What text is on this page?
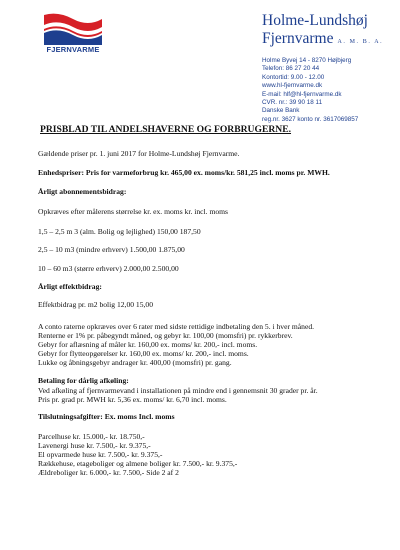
FJERNVARME
Holme-Lundshøj
Fjernvarme A. M. B. A.
Holme Byvej 14 - 8270 Højbjerg
Telefon: 86 27 20 44
Kontortid: 9.00 - 12.00
www.hl-fjernvarme.dk
E-mail: hlf@hl-fjernvarme.dk
CVR. nr.: 39 90 18 11
Danske Bank
reg.nr. 3627 konto nr. 3617069857
PRISBLAD TIL ANDELSHAVERNE OG FORBRUGERNE.
Gældende priser pr. 1. juni 2017 for Holme-Lundshøj Fjernvarme.
Enhedspriser: Pris for varmeforbrug kr. 465,00 ex. moms/kr. 581,25 incl. moms pr. MWH.
Årligt abonnementsbidrag:
Opkræves efter målerens størrelse kr. ex. moms kr. incl. moms
1,5 – 2,5 m 3 (alm. Bolig og lejlighed) 150,00 187,50
2,5 – 10 m3 (mindre erhverv) 1.500,00 1.875,00
10 – 60 m3 (større erhverv) 2.000,00 2.500,00
Årligt effektbidrag:
Effektbidrag pr. m2 bolig 12,00 15,00
A conto raterne opkræves over 6 rater med sidste rettidige indbetaling den 5. i hver måned.
Renterne er 1% pr. påbegyndt måned, og gebyr kr. 100,00 (momsfri) pr. rykkerbrev.
Gebyr for aflæsning af måler kr. 160,00 ex. moms/ kr. 200,- incl. moms.
Gebyr for flytteopgørelser kr. 160,00 ex. moms/ kr. 200,- incl. moms.
Lukke og åbningsgebyr andrager kr. 400,00 (momsfri) pr. gang.
Betaling for dårlig afkøling:
Ved afkøling af fjernvarmevand i installationen på mindre end i gennemsnit 30 grader pr. år.
Pris pr. grad pr. MWH kr. 5,36 ex. moms/ kr. 6,70 incl. moms.
Tilslutningsafgifter: Ex. moms Incl. moms
Parcelhuse kr. 15.000,- kr. 18.750,-
Lavenergi huse kr. 7.500,- kr. 9.375,-
El opvarmede huse kr. 7.500,- kr. 9.375,-
Rækkehuse, etageboliger og almene boliger kr. 7.500,- kr. 9.375,-
Ældreboliger kr. 6.000,- kr. 7.500,- Side 2 af 2
